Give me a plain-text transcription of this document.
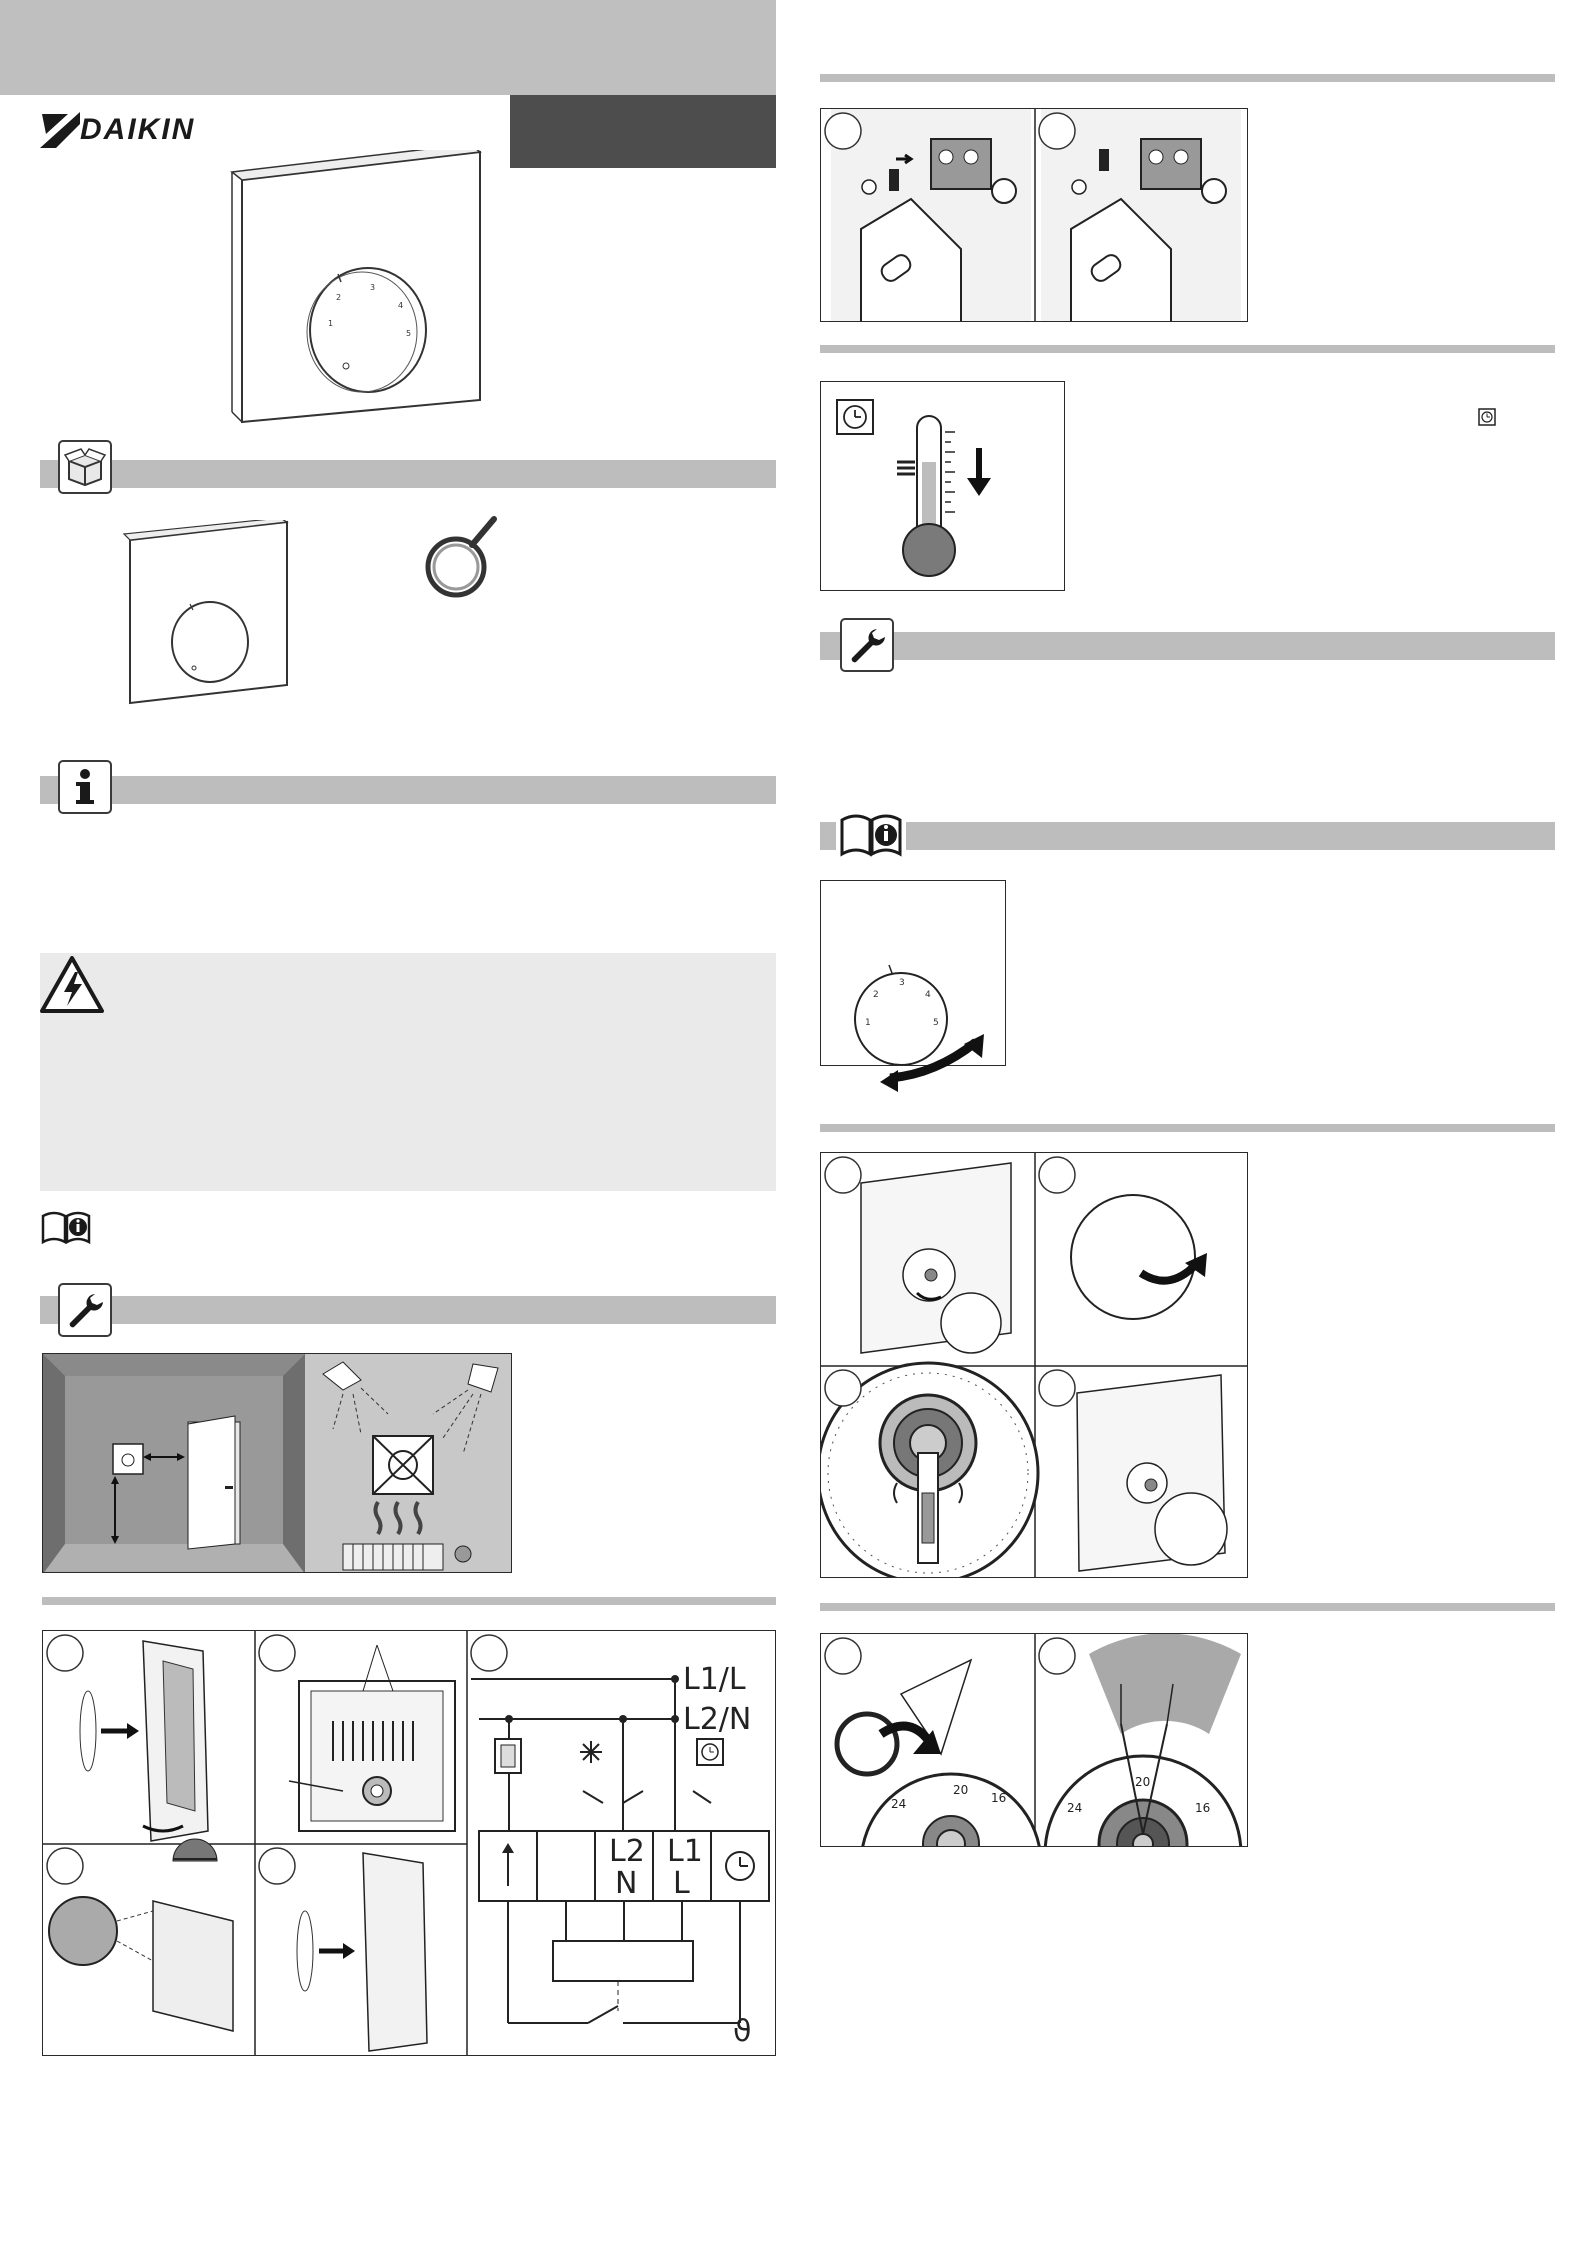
DAIKIN
1
2
3
4
5
L1/L
L2/N
L2
N
L1
L
ϑ
1
2
3
4
5
20
16
24
20
16
24
